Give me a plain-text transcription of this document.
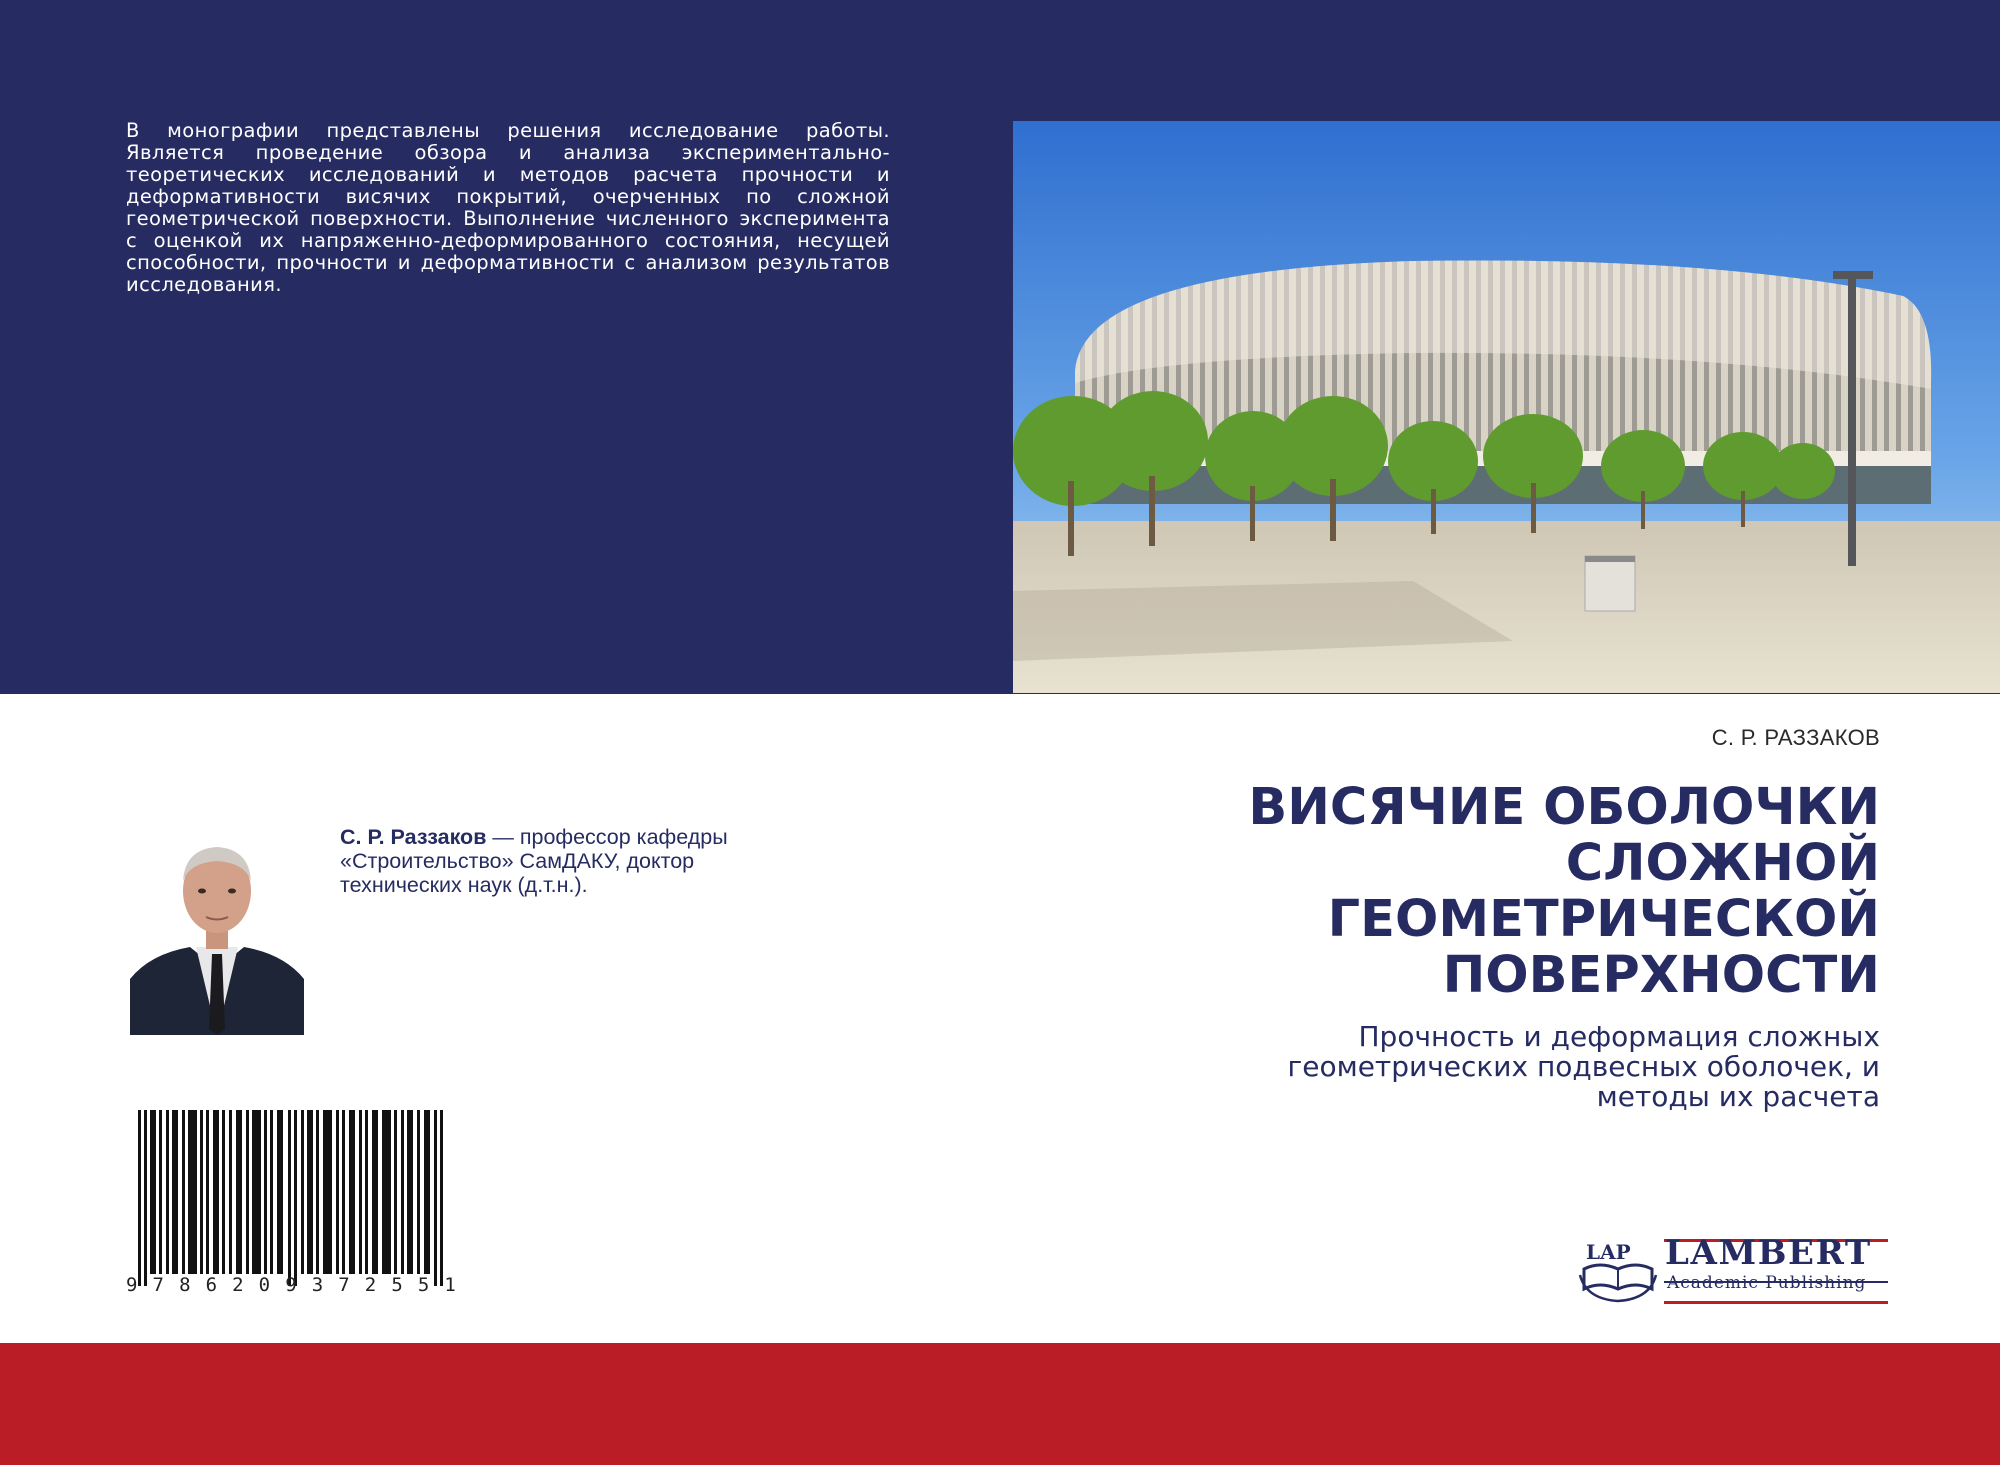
В монографии представлены решения исследование работы. Является проведение обзора и анализа экспериментально-теоретических исследований и методов расчета прочности и деформативности висячих покрытий, очерченных по сложной геометрической поверхности. Выполнение численного эксперимента с оценкой их напряженно-деформированного состояния, несущей способности, прочности и деформативности с анализом результатов исследования.

С. Р. РАЗЗАКОВ
ВИСЯЧИЕ ОБОЛОЧКИ
СЛОЖНОЙ
ГЕОМЕТРИЧЕСКОЙ
ПОВЕРХНОСТИ

Прочность и деформация сложных
геометрических подвесных оболочек, и
методы их расчета

С. Р. Раззаков — профессор кафедры
«Строительство» СамДАКУ, доктор
технических наук (д.т.н.).

9 7 8 6 2 0 9 3 7 2 5 5 1
LAP LAMBERT
Academic Publishing
